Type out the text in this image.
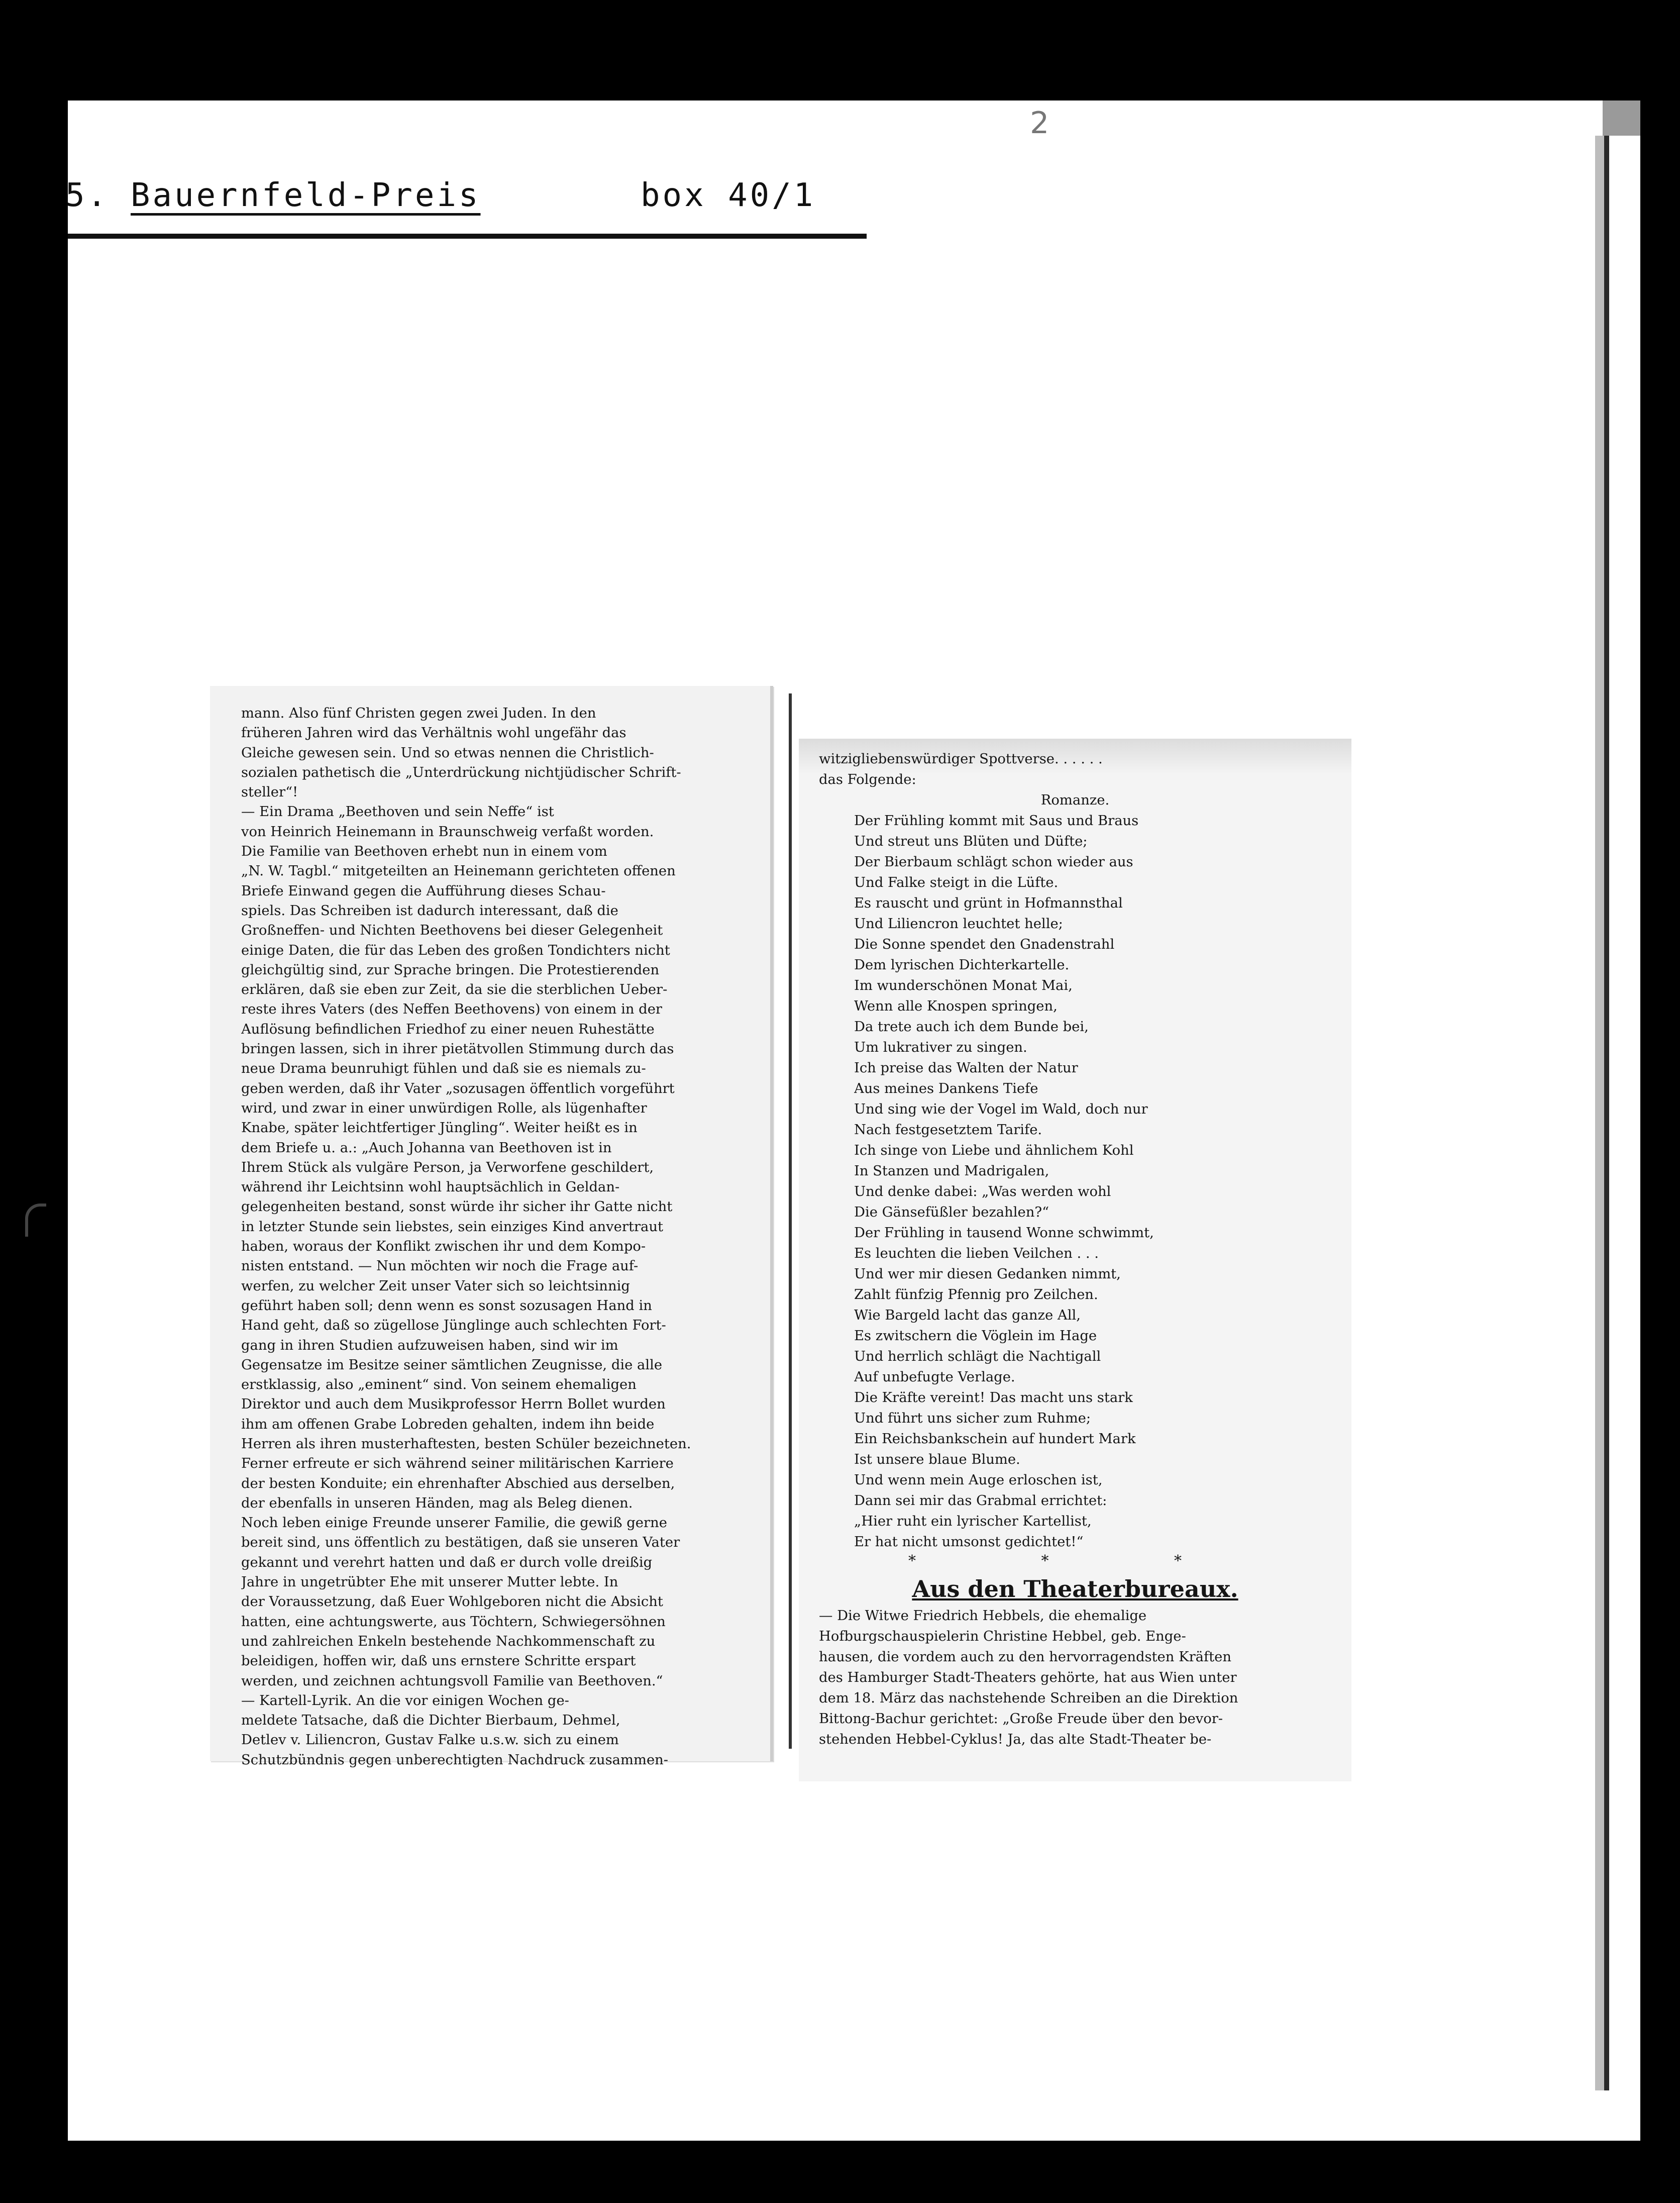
2
5. Bauernfeld-Preis	box 40/1
mann. Also fünf Christen gegen zwei Juden. In den
früheren Jahren wird das Verhältnis wohl ungefähr das
Gleiche gewesen sein. Und so etwas nennen die Christlich-
sozialen pathetisch die „Unterdrückung nichtjüdischer Schrift-
steller“!
— Ein Drama „Beethoven und sein Neffe“ ist
von Heinrich Heinemann in Braunschweig verfaßt worden.
Die Familie van Beethoven erhebt nun in einem vom
„N. W. Tagbl.“ mitgeteilten an Heinemann gerichteten offenen
Briefe Einwand gegen die Aufführung dieses Schau-
spiels. Das Schreiben ist dadurch interessant, daß die
Großneffen- und Nichten Beethovens bei dieser Gelegenheit
einige Daten, die für das Leben des großen Tondichters nicht
gleichgültig sind, zur Sprache bringen. Die Protestierenden
erklären, daß sie eben zur Zeit, da sie die sterblichen Ueber-
reste ihres Vaters (des Neffen Beethovens) von einem in der
Auflösung befindlichen Friedhof zu einer neuen Ruhestätte
bringen lassen, sich in ihrer pietätvollen Stimmung durch das
neue Drama beunruhigt fühlen und daß sie es niemals zu-
geben werden, daß ihr Vater „sozusagen öffentlich vorgeführt
wird, und zwar in einer unwürdigen Rolle, als lügenhafter
Knabe, später leichtfertiger Jüngling“. Weiter heißt es in
dem Briefe u. a.: „Auch Johanna van Beethoven ist in
Ihrem Stück als vulgäre Person, ja Verworfene geschildert,
während ihr Leichtsinn wohl hauptsächlich in Geldan-
gelegenheiten bestand, sonst würde ihr sicher ihr Gatte nicht
in letzter Stunde sein liebstes, sein einziges Kind anvertraut
haben, woraus der Konflikt zwischen ihr und dem Kompo-
nisten entstand. — Nun möchten wir noch die Frage auf-
werfen, zu welcher Zeit unser Vater sich so leichtsinnig
geführt haben soll; denn wenn es sonst sozusagen Hand in
Hand geht, daß so zügellose Jünglinge auch schlechten Fort-
gang in ihren Studien aufzuweisen haben, sind wir im
Gegensatze im Besitze seiner sämtlichen Zeugnisse, die alle
erstklassig, also „eminent“ sind. Von seinem ehemaligen
Direktor und auch dem Musikprofessor Herrn Bollet wurden
ihm am offenen Grabe Lobreden gehalten, indem ihn beide
Herren als ihren musterhaftesten, besten Schüler bezeichneten.
Ferner erfreute er sich während seiner militärischen Karriere
der besten Konduite; ein ehrenhafter Abschied aus derselben,
der ebenfalls in unseren Händen, mag als Beleg dienen.
Noch leben einige Freunde unserer Familie, die gewiß gerne
bereit sind, uns öffentlich zu bestätigen, daß sie unseren Vater
gekannt und verehrt hatten und daß er durch volle dreißig
Jahre in ungetrübter Ehe mit unserer Mutter lebte. In
der Voraussetzung, daß Euer Wohlgeboren nicht die Absicht
hatten, eine achtungswerte, aus Töchtern, Schwiegersöhnen
und zahlreichen Enkeln bestehende Nachkommenschaft zu
beleidigen, hoffen wir, daß uns ernstere Schritte erspart
werden, und zeichnen achtungsvoll Familie van Beethoven.“
— Kartell-Lyrik. An die vor einigen Wochen ge-
meldete Tatsache, daß die Dichter Bierbaum, Dehmel,
Detlev v. Liliencron, Gustav Falke u.s.w. sich zu einem
Schutzbündnis gegen unberechtigten Nachdruck zusammen-
witzigliebenswürdiger Spottverse. . . . . .
das Folgende:
Romanze.
Der Frühling kommt mit Saus und Braus
Und streut uns Blüten und Düfte;
Der Bierbaum schlägt schon wieder aus
Und Falke steigt in die Lüfte.
Es rauscht und grünt in Hofmannsthal
Und Liliencron leuchtet helle;
Die Sonne spendet den Gnadenstrahl
Dem lyrischen Dichterkartelle.
Im wunderschönen Monat Mai,
Wenn alle Knospen springen,
Da trete auch ich dem Bunde bei,
Um lukrativer zu singen.
Ich preise das Walten der Natur
Aus meines Dankens Tiefe
Und sing wie der Vogel im Wald, doch nur
Nach festgesetztem Tarife.
Ich singe von Liebe und ähnlichem Kohl
In Stanzen und Madrigalen,
Und denke dabei: „Was werden wohl
Die Gänsefüßler bezahlen?“
Der Frühling in tausend Wonne schwimmt,
Es leuchten die lieben Veilchen . . .
Und wer mir diesen Gedanken nimmt,
Zahlt fünfzig Pfennig pro Zeilchen.
Wie Bargeld lacht das ganze All,
Es zwitschern die Vöglein im Hage
Und herrlich schlägt die Nachtigall
Auf unbefugte Verlage.
Die Kräfte vereint! Das macht uns stark
Und führt uns sicher zum Ruhme;
Ein Reichsbankschein auf hundert Mark
Ist unsere blaue Blume.
Und wenn mein Auge erloschen ist,
Dann sei mir das Grabmal errichtet:
„Hier ruht ein lyrischer Kartellist,
Er hat nicht umsonst gedichtet!“
* * *
Aus den Theaterbureaux.
— Die Witwe Friedrich Hebbels, die ehemalige
Hofburgschauspielerin Christine Hebbel, geb. Enge-
hausen, die vordem auch zu den hervorragendsten Kräften
des Hamburger Stadt-Theaters gehörte, hat aus Wien unter
dem 18. März das nachstehende Schreiben an die Direktion
Bittong-Bachur gerichtet: „Große Freude über den bevor-
stehenden Hebbel-Cyklus! Ja, das alte Stadt-Theater be-
